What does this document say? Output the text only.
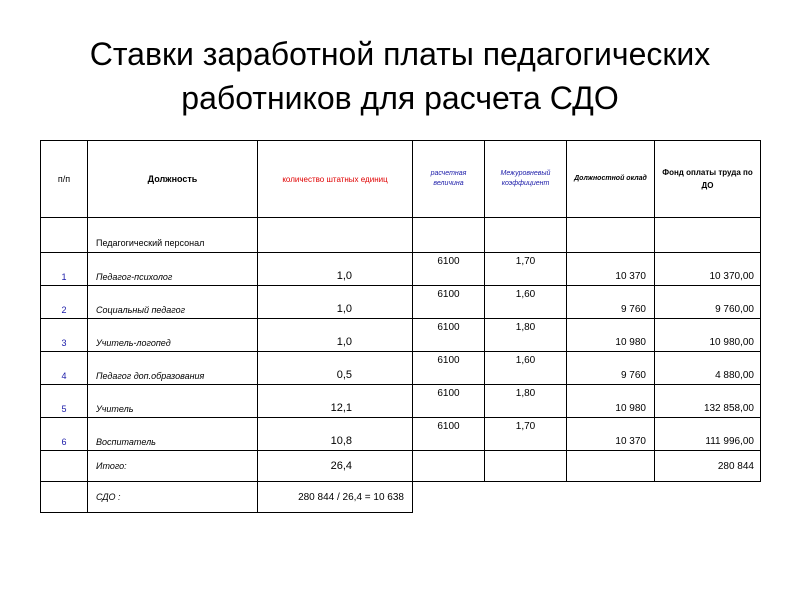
Ставки заработной платы педагогических
работников для расчета СДО
п/п	Должность	количество штатных единиц	расчетная величина	Межуровневый коэффициент	Должностной оклад	Фонд оплаты труда по ДО
	Педагогический персонал					
1	Педагог-психолог	1,0	6100	1,70	10 370	10 370,00
2	Социальный педагог	1,0	6100	1,60	9 760	9 760,00
3	Учитель-логопед	1,0	6100	1,80	10 980	10 980,00
4	Педагог доп.образования	0,5	6100	1,60	9 760	4 880,00
5	Учитель	12,1	6100	1,80	10 980	132 858,00
6	Воспитатель	10,8	6100	1,70	10 370	111 996,00
	Итого:	26,4				280 844
	СДО :	280 844 / 26,4 = 10 638				
